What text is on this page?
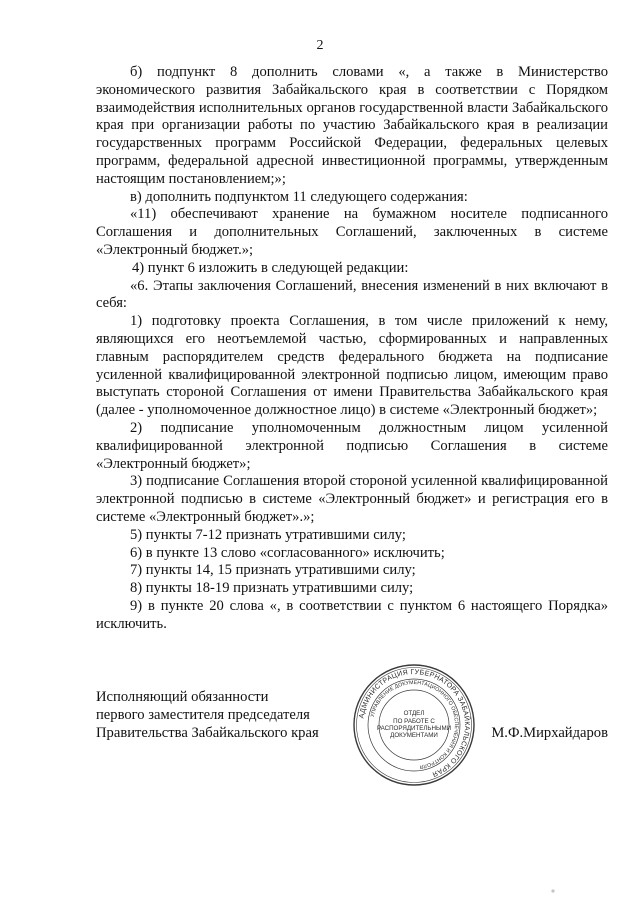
2

б) подпункт 8 дополнить словами «, а также в Министерство экономического развития Забайкальского края в соответствии с Порядком взаимодействия исполнительных органов государственной власти Забайкальского края при организации работы по участию Забайкальского края в реализации государственных программ Российской Федерации, федеральных целевых программ, федеральной адресной инвестиционной программы, утвержденным настоящим постановлением;»;

в) дополнить подпунктом 11 следующего содержания:

«11) обеспечивают хранение на бумажном носителе подписанного Соглашения и дополнительных Соглашений, заключенных в системе «Электронный бюджет.»;

4) пункт 6 изложить в следующей редакции:

«6. Этапы заключения Соглашений, внесения изменений в них включают в себя:

1) подготовку проекта Соглашения, в том числе приложений к нему, являющихся его неотъемлемой частью, сформированных и направленных главным распорядителем средств федерального бюджета на подписание усиленной квалифицированной электронной подписью лицом, имеющим право выступать стороной Соглашения от имени Правительства Забайкальского края (далее - уполномоченное должностное лицо) в системе «Электронный бюджет»;

2) подписание уполномоченным должностным лицом усиленной квалифицированной электронной подписью Соглашения в системе «Электронный бюджет»;

3) подписание Соглашения второй стороной усиленной квалифицированной электронной подписью в системе «Электронный бюджет» и регистрация его в системе «Электронный бюджет».»;

5) пункты 7-12 признать утратившими силу;

6) в пункте 13 слово «согласованного» исключить;

7) пункты 14, 15 признать утратившими силу;

8) пункты 18-19 признать утратившими силу;

9) в пункте 20 слова «, в соответствии с пунктом 6 настоящего Порядка» исключить.

Исполняющий обязанности
первого заместителя председателя
Правительства Забайкальского края	М.Ф.Мирхайдаров
АДМИНИСТРАЦИЯ ГУБЕРНАТОРА ЗАБАЙКАЛЬСКОГО КРАЯ
УПРАВЛЕНИЕ ДОКУМЕНТАЦИОННОГО ОБЕСПЕЧЕНИЯ И КОНТРОЛЯ
ОТДЕЛ
ПО РАБОТЕ С
РАСПОРЯДИТЕЛЬНЫМИ
ДОКУМЕНТАМИ
